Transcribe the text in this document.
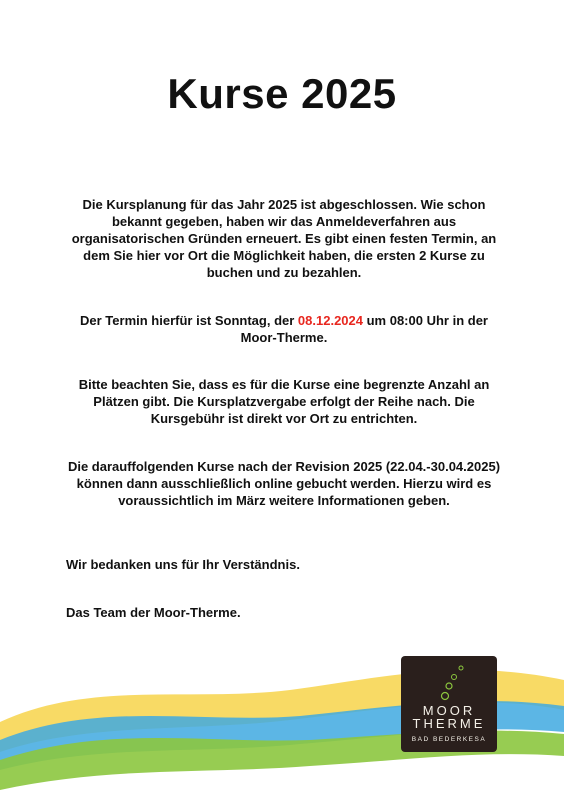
Kurse 2025

Die Kursplanung für das Jahr 2025 ist abgeschlossen. Wie schon bekannt gegeben, haben wir das Anmeldeverfahren aus organisatorischen Gründen erneuert. Es gibt einen festen Termin, an dem Sie hier vor Ort die Möglichkeit haben, die ersten 2 Kurse zu buchen und zu bezahlen.

Der Termin hierfür ist Sonntag, der 08.12.2024 um 08:00 Uhr in der Moor-Therme.

Bitte beachten Sie, dass es für die Kurse eine begrenzte Anzahl an Plätzen gibt. Die Kursplatzvergabe erfolgt der Reihe nach. Die Kursgebühr ist direkt vor Ort zu entrichten.

Die darauffolgenden Kurse nach der Revision 2025 (22.04.-30.04.2025) können dann ausschließlich online gebucht werden. Hierzu wird es voraussichtlich im März weitere Informationen geben.

Wir bedanken uns für Ihr Verständnis.

Das Team der Moor-Therme.

MOOR
THERME
BAD BEDERKESA
